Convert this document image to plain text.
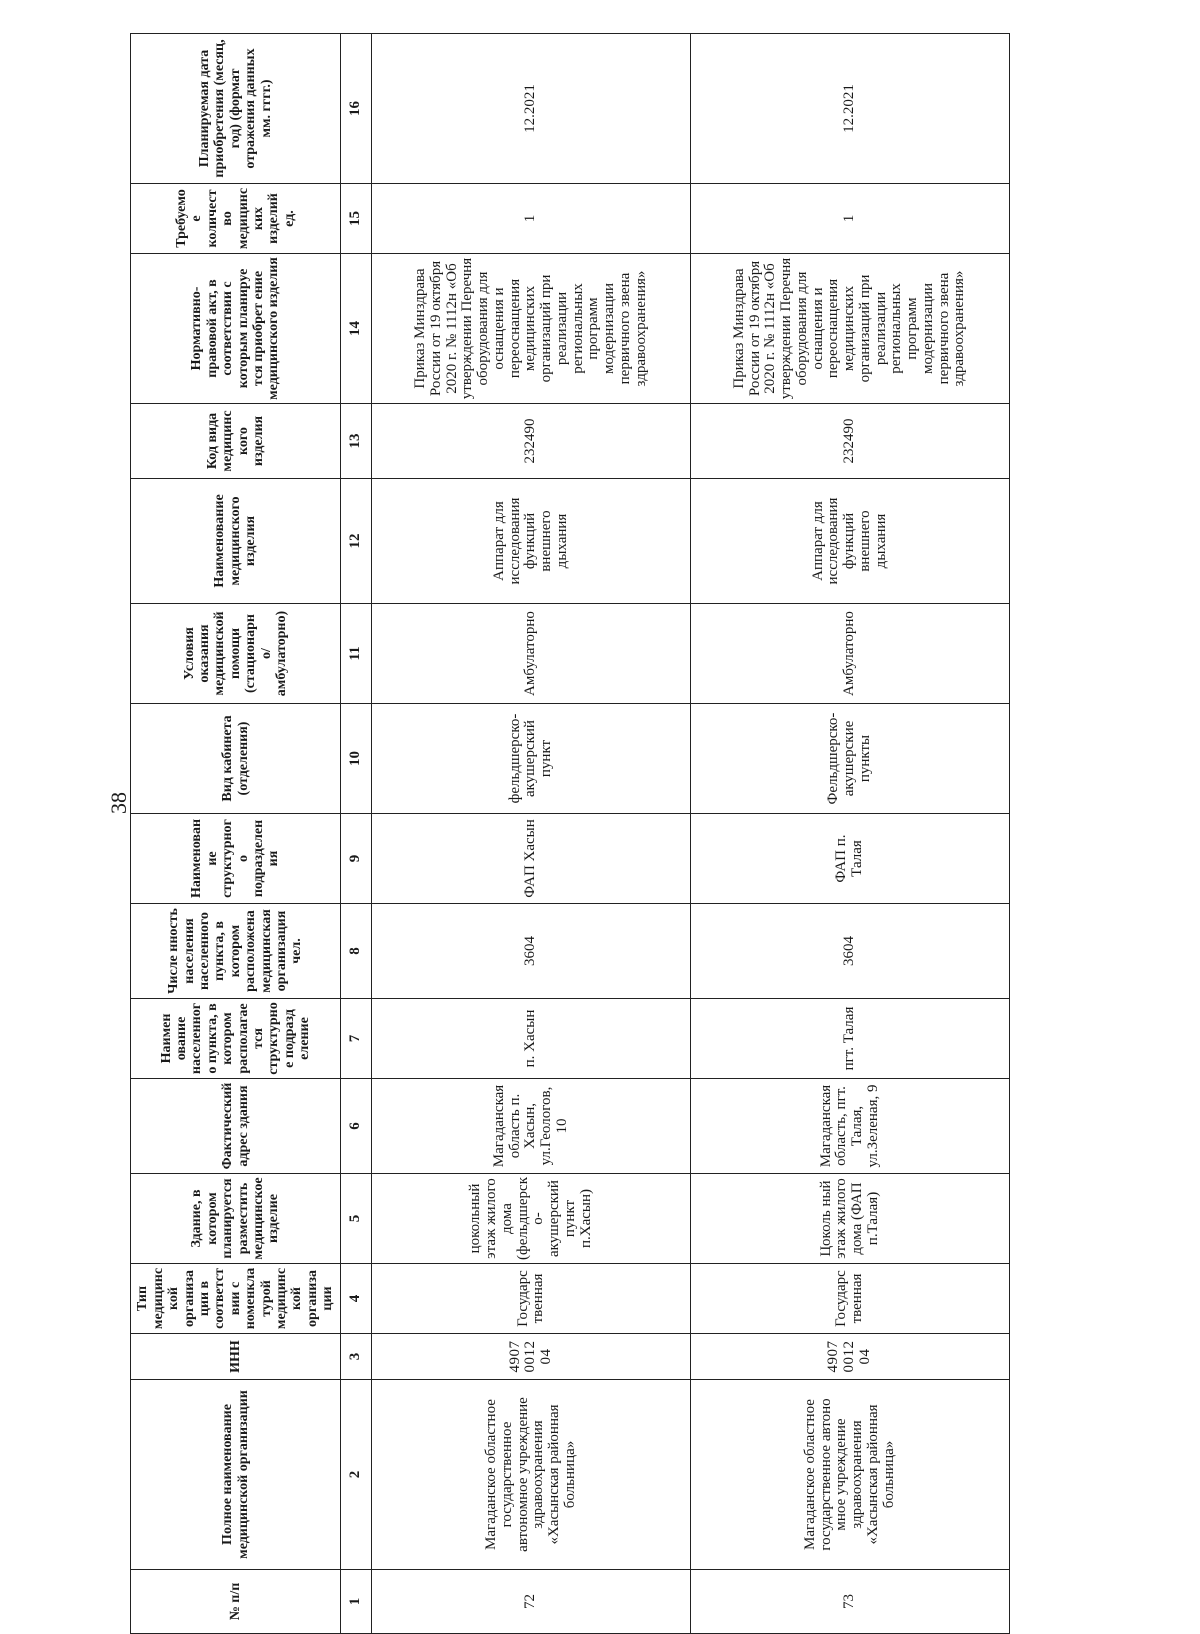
38
№ п/п	Полное наименование медицинской организации	ИНН	Тип медицинской организации в соответствии с номенклатурой медицинской организации	Здание, в котором планируется разместить медицинское изделие	Фактический адрес здания	Наимен ование населенного пункта, в котором располагается структурное подразд еление	Числе нность населения населенного пункта, в котором расположена медицинская организация чел.	Наименование структурного подразделения	Вид кабинета (отделения)	Условия оказания медицинской помощи (стационарн о/амбулаторно)	Наименование медицинского изделия	Код вида медицинского изделия	Нормативно- правовой акт, в соответствии с которым планируе тся приобрет ение медицинского изделия	Требуемое количество медицинских изделий ед.	Планируемая дата приобретения (месяц, год) (формат отражения данных мм. гггг.)
1	2	3	4	5	6	7	8	9	10	11	12	13	14	15	16
72	Магаданское областное государственное автономное учреждение здравоохранения «Хасынская районная больница»	4907001204	Государственная	цокольный этаж жилого дома (фельдшерско-акушерский пункт п.Хасын)	Магаданская область п. Хасын, ул.Геологов, 10	п. Хасын	3604	ФАП Хасын	фельдшерско-акушерский пункт	Амбулаторно	Аппарат для исследования функций внешнего дыхания	232490	Приказ Минздрава России от 19 октября 2020 г. № 1112н «Об утверждении Перечня оборудования для оснащения и переоснащения медицинских организаций при реализации региональных программ модернизации первичного звена здравоохранения»	1	12.2021
73	Магаданское областное государственное автоно мное учреждение здравоохранения «Хасынская районная больница»	4907001204	Государственная	Цоколь ный этаж жилого дома (ФАП п.Талая)	Магаданская область, пгт. Талая, ул.Зеленая, 9	пгт. Талая	3604	ФАП п. Талая	Фельдшерско-акушерские пункты	Амбулаторно	Аппарат для исследования функций внешнего дыхания	232490	Приказ Минздрава России от 19 октября 2020 г. № 1112н «Об утверждении Перечня оборудования для оснащения и переоснащения медицинских организаций при реализации региональных программ модернизации первичного звена здравоохранения»	1	12.2021
